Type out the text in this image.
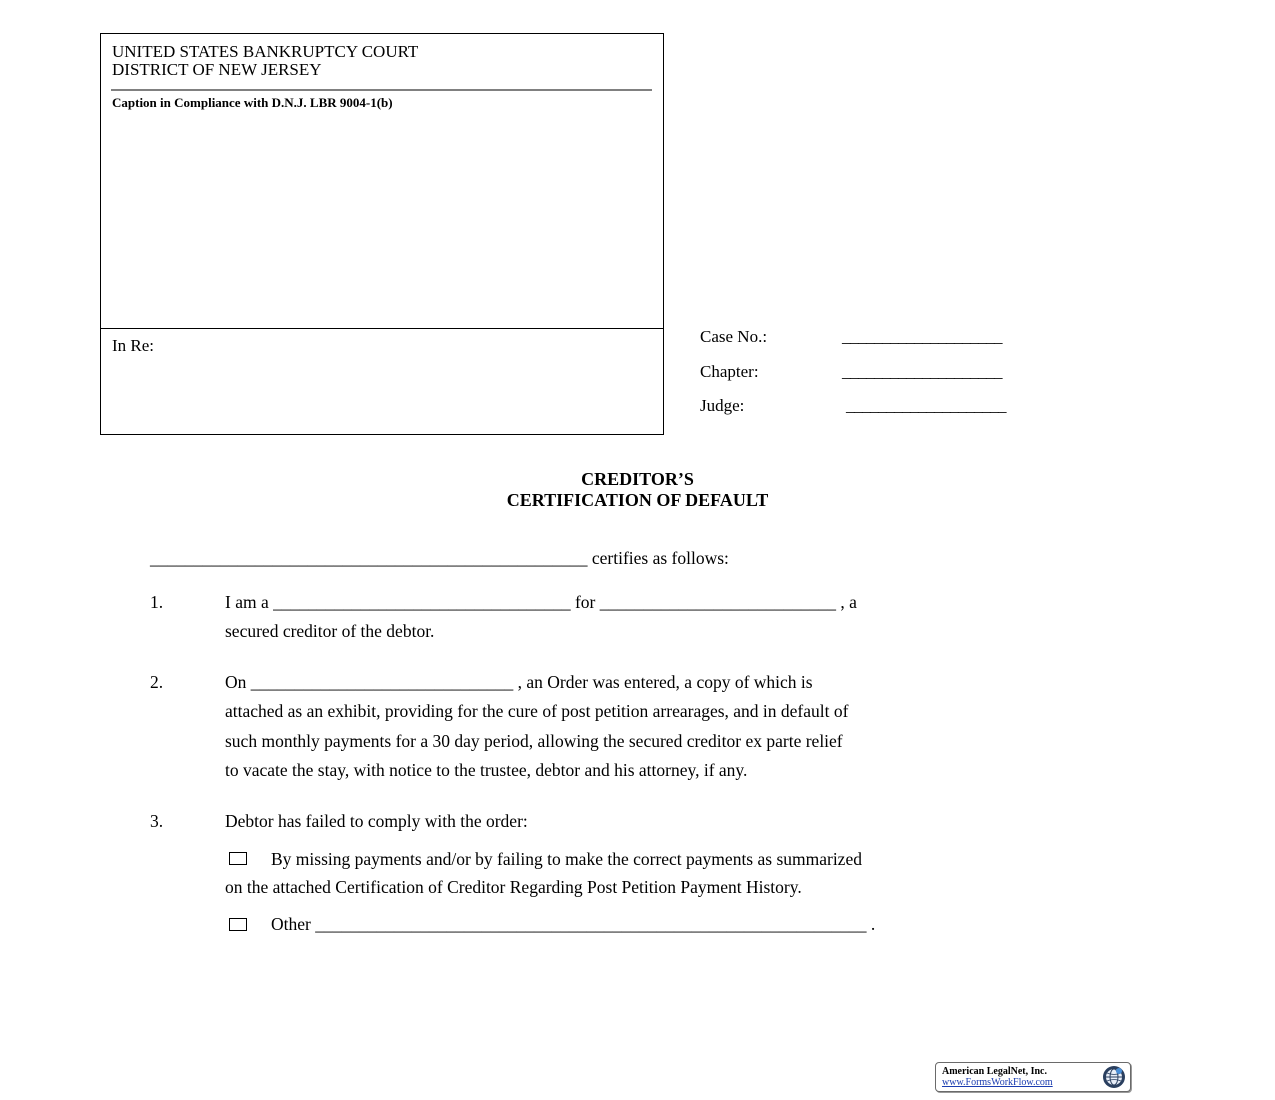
UNITED STATES BANKRUPTCY COURT
DISTRICT OF NEW JERSEY
Caption in Compliance with D.N.J. LBR 9004-1(b)
In Re:	Case No.:	____________________
Chapter:	____________________
Judge:	____________________
CREDITOR’S
CERTIFICATION OF DEFAULT
__________________________________________________ certifies as follows:
1.	I am a __________________________________ for ___________________________ , a
secured creditor of the debtor.
2.	On ______________________________ , an Order was entered, a copy of which is
attached as an exhibit, providing for the cure of post petition arrearages, and in default of
such monthly payments for a 30 day period, allowing the secured creditor ex parte relief
to vacate the stay, with notice to the trustee, debtor and his attorney, if any.
3.	Debtor has failed to comply with the order:
By missing payments and/or by failing to make the correct payments as summarized
on the attached Certification of Creditor Regarding Post Petition Payment History.
Other _______________________________________________________________ .
American LegalNet, Inc.
www.FormsWorkFlow.com
